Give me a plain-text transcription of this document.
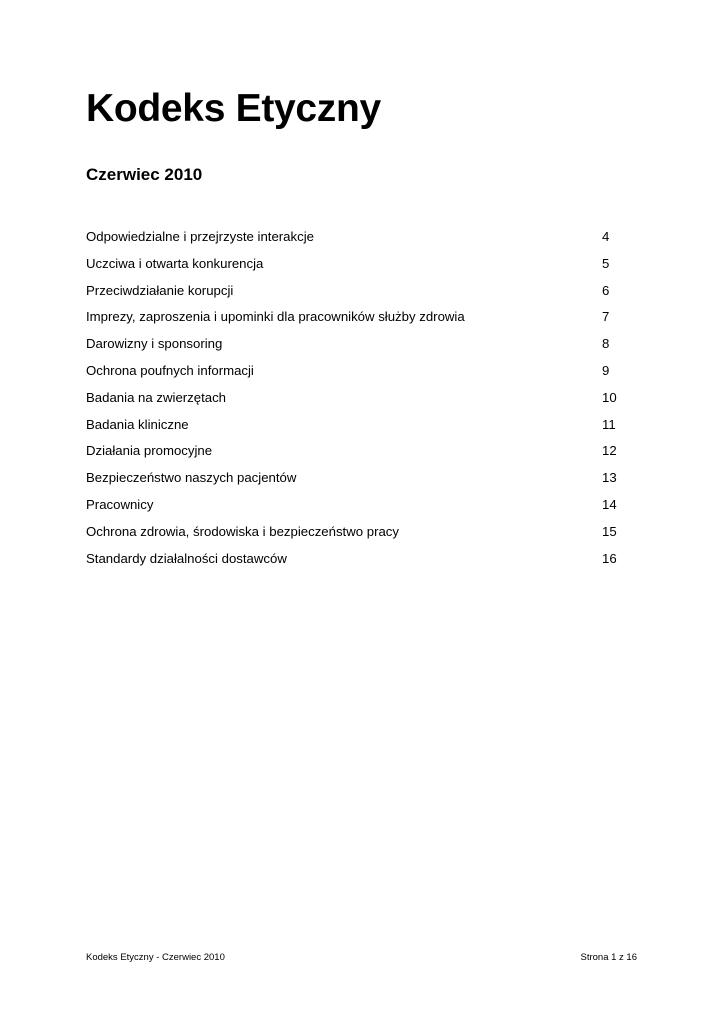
Kodeks Etyczny
Czerwiec 2010
Odpowiedzialne i przejrzyste interakcje	4
Uczciwa i otwarta konkurencja	5
Przeciwdziałanie korupcji	6
Imprezy, zaproszenia i upominki dla pracowników służby zdrowia	7
Darowizny i sponsoring	8
Ochrona poufnych informacji	9
Badania na zwierzętach	10
Badania kliniczne	11
Działania promocyjne	12
Bezpieczeństwo naszych pacjentów	13
Pracownicy	14
Ochrona zdrowia, środowiska i bezpieczeństwo pracy	15
Standardy działalności dostawców	16
Kodeks Etyczny - Czerwiec 2010	Strona 1 z 16
